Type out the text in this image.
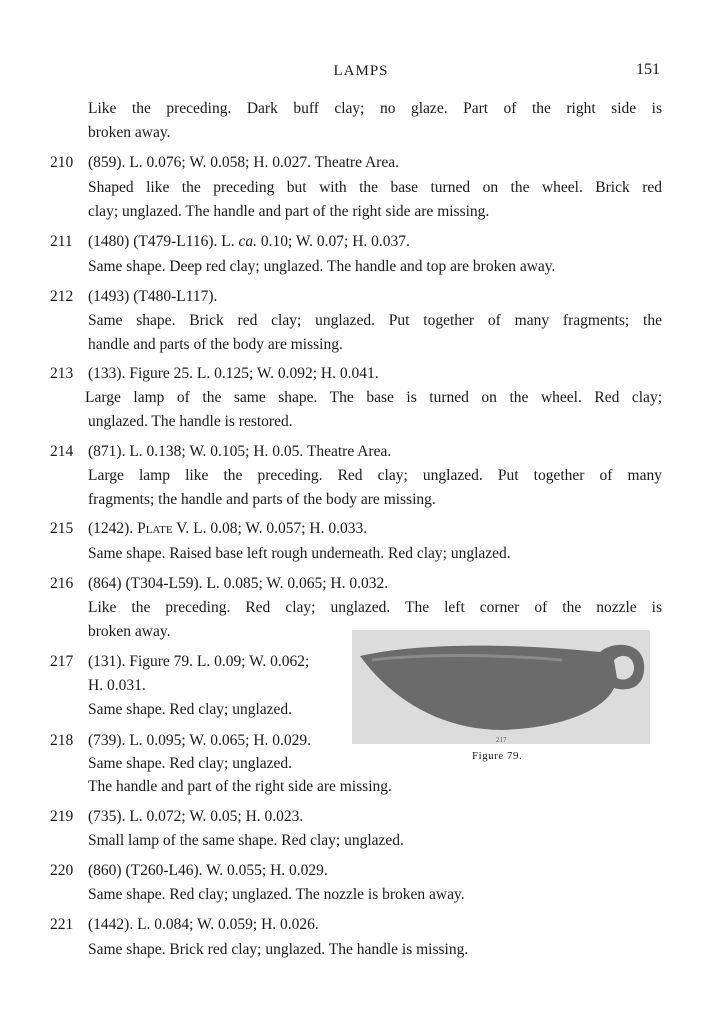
LAMPS	151
Like the preceding. Dark buff clay; no glaze. Part of the right side is
broken away.
210 (859). L. 0.076; W. 0.058; H. 0.027. Theatre Area.
Shaped like the preceding but with the base turned on the wheel. Brick red
clay; unglazed. The handle and part of the right side are missing.
211 (1480) (T479-L116). L. ca. 0.10; W. 0.07; H. 0.037.
Same shape. Deep red clay; unglazed. The handle and top are broken away.
212 (1493) (T480-L117).
Same shape. Brick red clay; unglazed. Put together of many fragments; the
handle and parts of the body are missing.
213 (133). Figure 25. L. 0.125; W. 0.092; H. 0.041.
Large lamp of the same shape. The base is turned on the wheel. Red clay;
unglazed. The handle is restored.
214 (871). L. 0.138; W. 0.105; H. 0.05. Theatre Area.
Large lamp like the preceding. Red clay; unglazed. Put together of many
fragments; the handle and parts of the body are missing.
215 (1242). Plate V. L. 0.08; W. 0.057; H. 0.033.
Same shape. Raised base left rough underneath. Red clay; unglazed.
216 (864) (T304-L59). L. 0.085; W. 0.065; H. 0.032.
Like the preceding. Red clay; unglazed. The left corner of the nozzle is
broken away.
217 (131). Figure 79. L. 0.09; W. 0.062;
H. 0.031.
Same shape. Red clay; unglazed.
217
Figure 79.
218 (739). L. 0.095; W. 0.065; H. 0.029.
Same shape. Red clay; unglazed.
The handle and part of the right side are missing.
219 (735). L. 0.072; W. 0.05; H. 0.023.
Small lamp of the same shape. Red clay; unglazed.
220 (860) (T260-L46). W. 0.055; H. 0.029.
Same shape. Red clay; unglazed. The nozzle is broken away.
221 (1442). L. 0.084; W. 0.059; H. 0.026.
Same shape. Brick red clay; unglazed. The handle is missing.
